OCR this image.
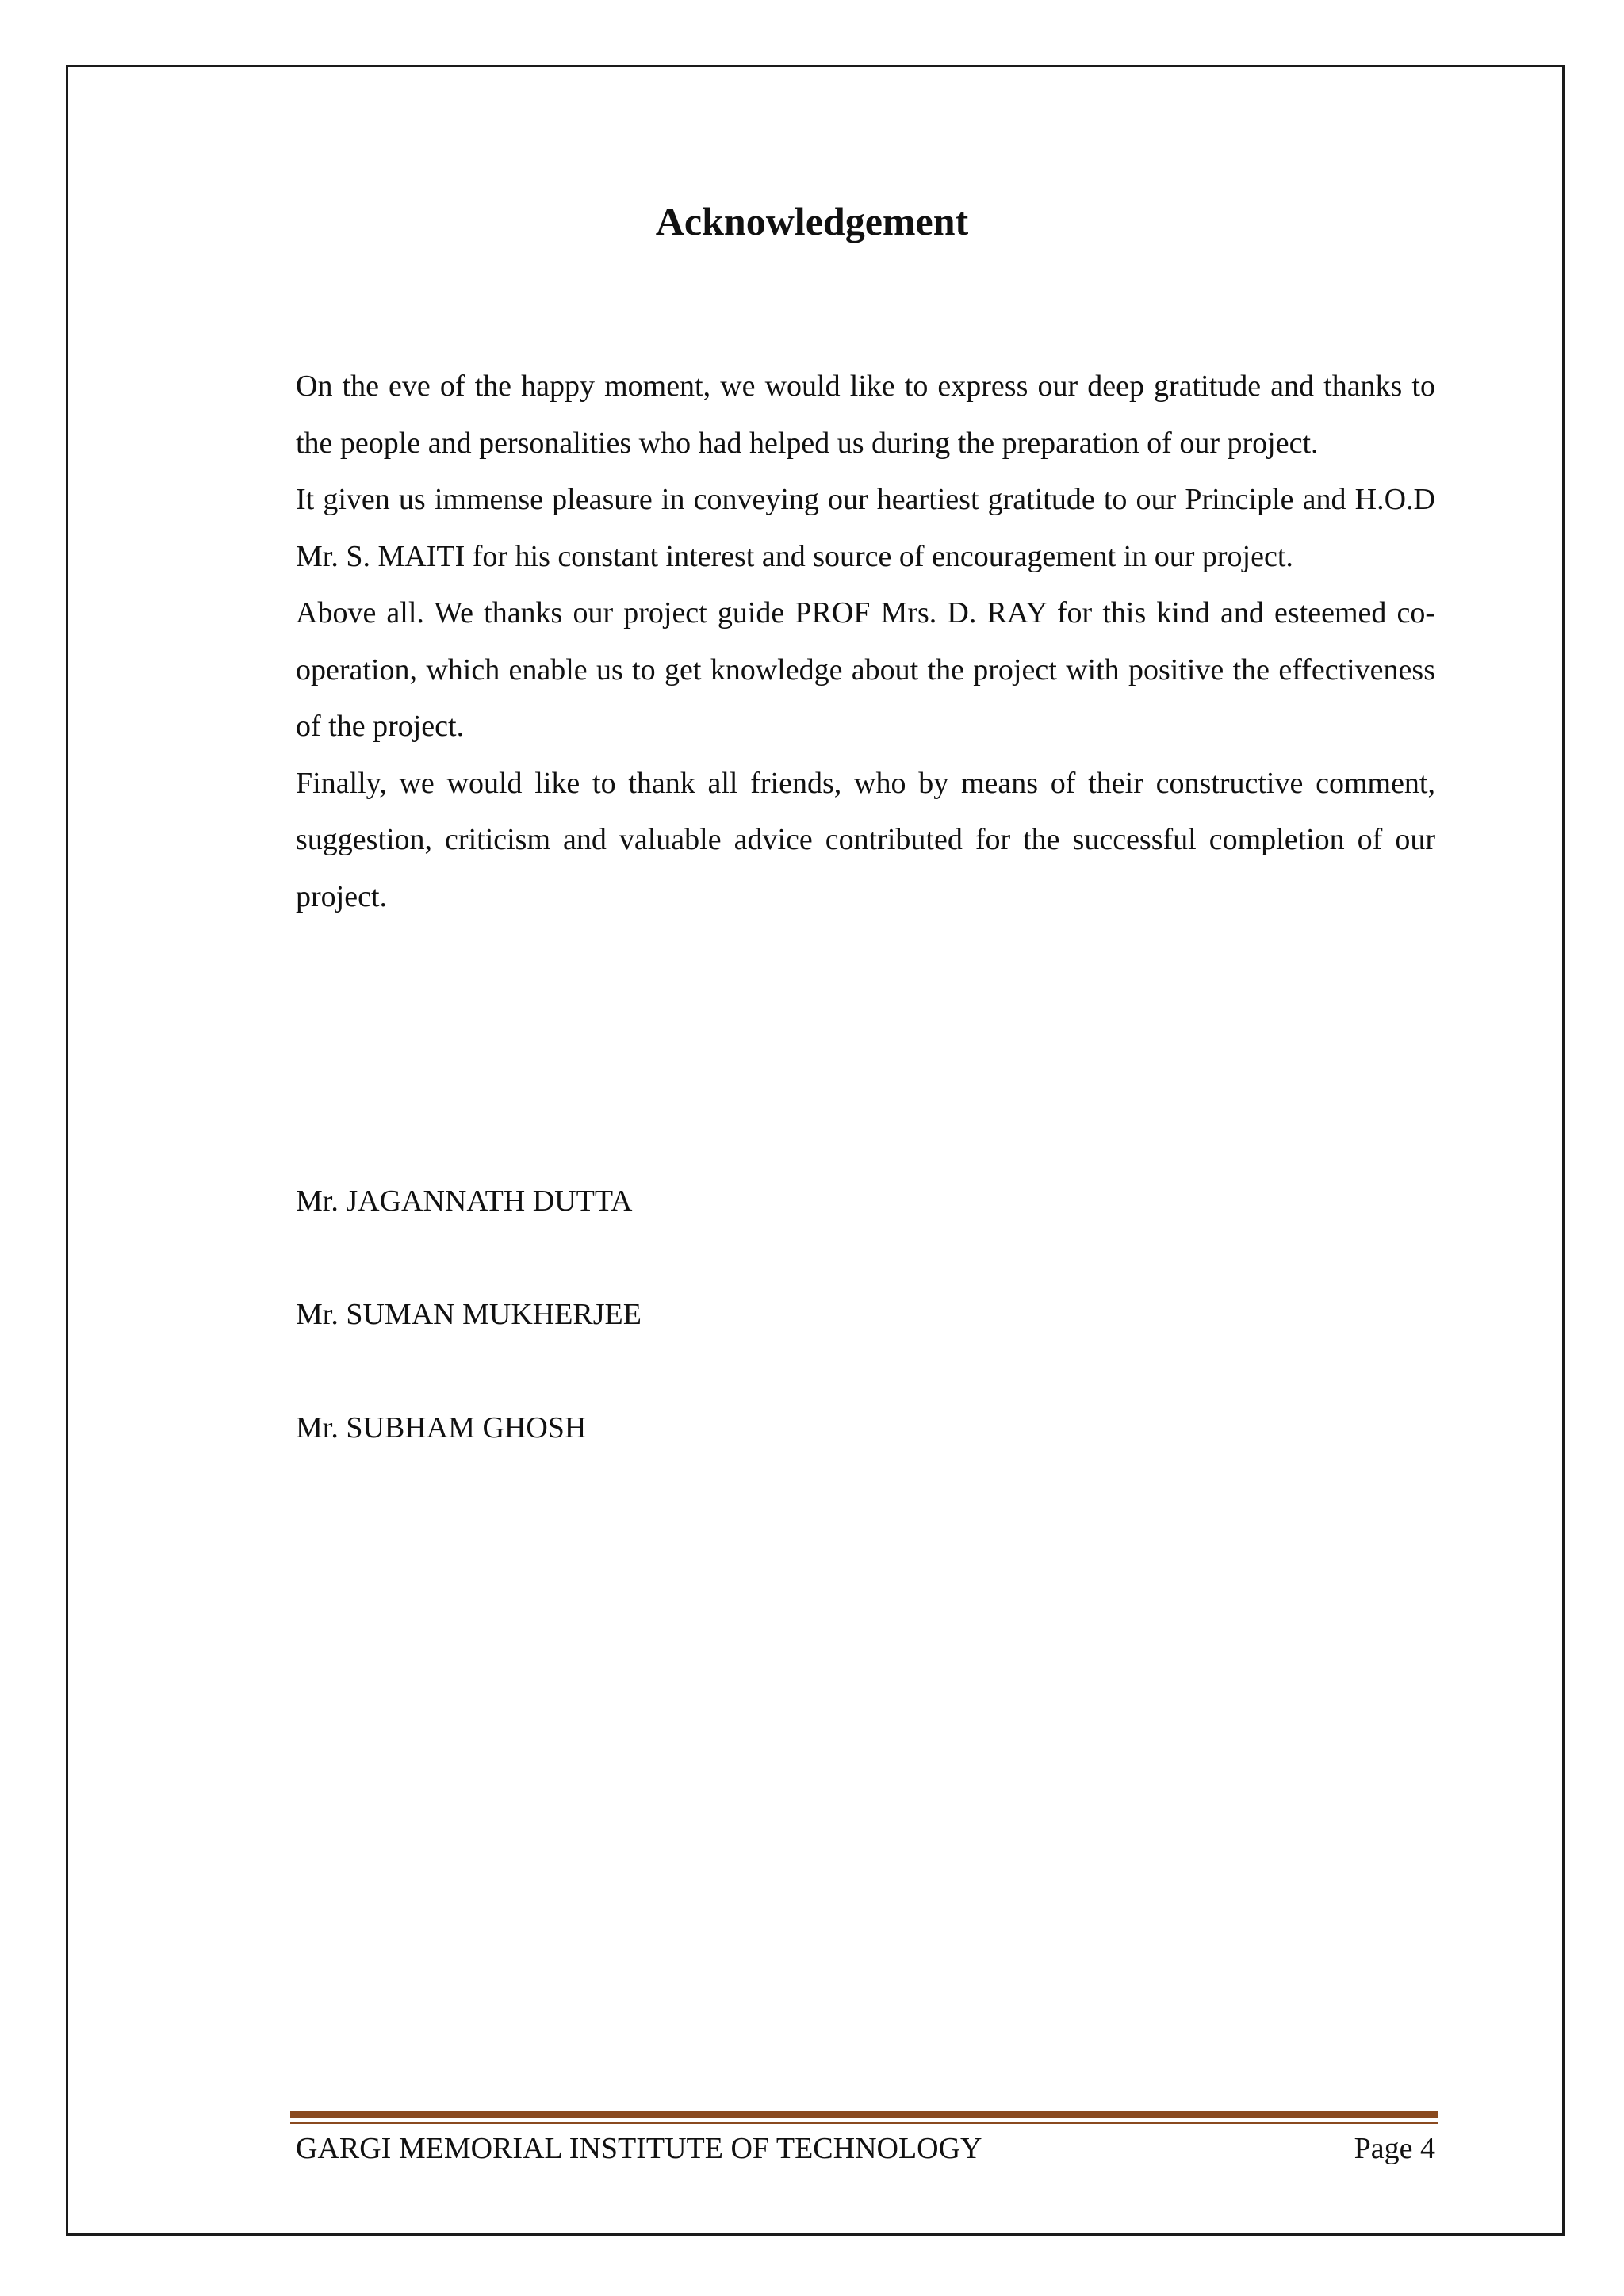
Acknowledgement

On the eve of the happy moment, we would like to express our deep gratitude and thanks to the people and personalities who had helped us during the preparation of our project.

It given us immense pleasure in conveying our heartiest gratitude to our Principle and H.O.D Mr. S. MAITI for his constant interest and source of encouragement in our project.

Above all. We thanks our project guide PROF Mrs. D. RAY for this kind and esteemed co-operation, which enable us to get knowledge about the project with positive the effectiveness of the project.

Finally, we would like to thank all friends, who by means of their constructive comment, suggestion, criticism and valuable advice contributed for the successful completion of our project.

Mr. JAGANNATH DUTTA

Mr. SUMAN MUKHERJEE

Mr. SUBHAM GHOSH

GARGI MEMORIAL INSTITUTE OF TECHNOLOGY	Page 4
